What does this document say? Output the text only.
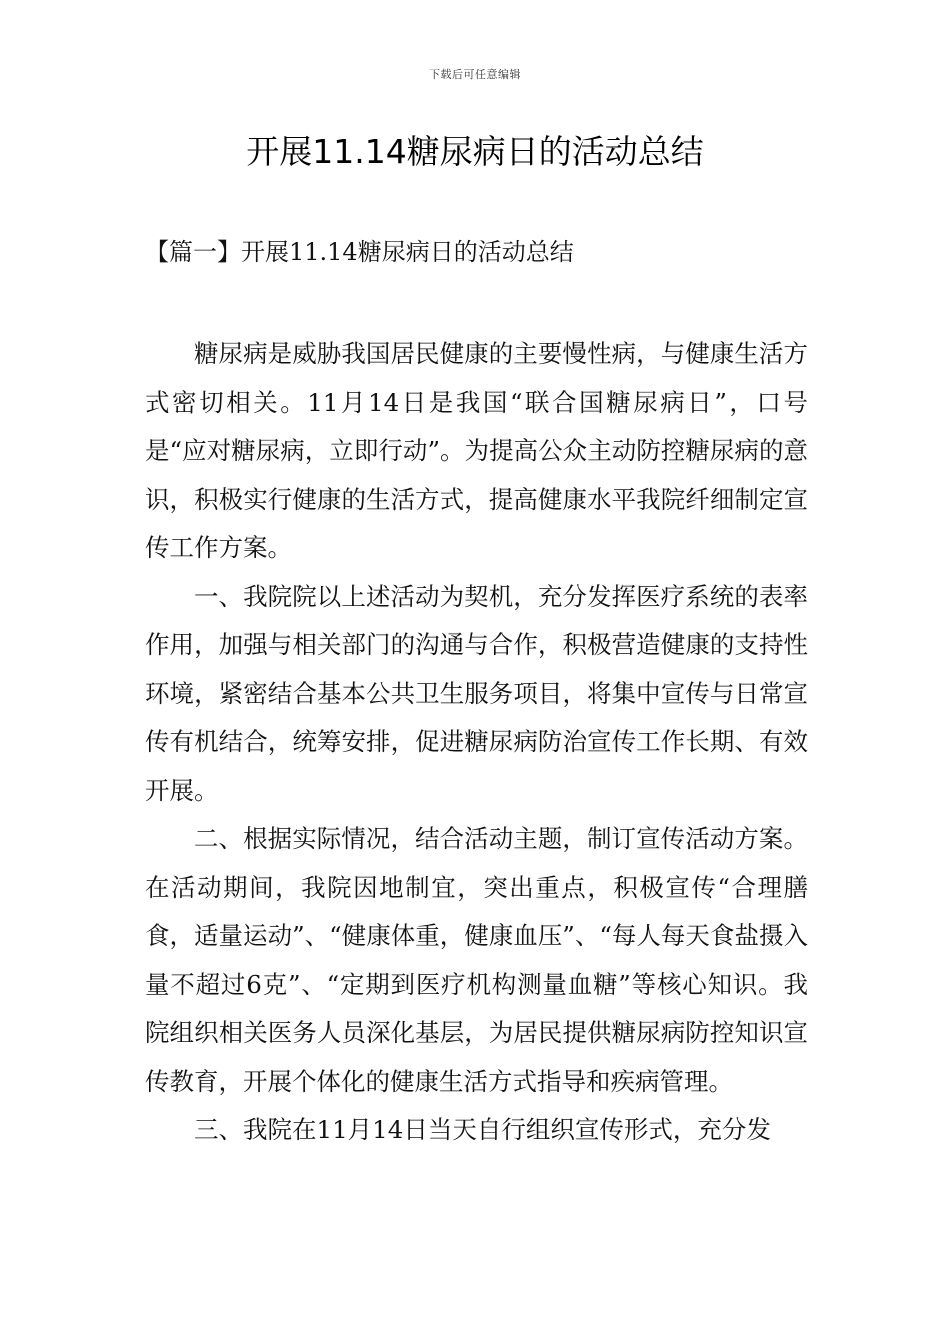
下载后可任意编辑
开展11.14糖尿病日的活动总结
【篇一】开展11.14糖尿病日的活动总结

糖尿病是威胁我国居民健康的主要慢性病，与健康生活方式密切相关。11月14日是我国“联合国糖尿病日”，口号是“应对糖尿病，立即行动”。为提高公众主动防控糖尿病的意识，积极实行健康的生活方式，提高健康水平我院纤细制定宣传工作方案。

一、我院院以上述活动为契机，充分发挥医疗系统的表率作用，加强与相关部门的沟通与合作，积极营造健康的支持性环境，紧密结合基本公共卫生服务项目，将集中宣传与日常宣传有机结合，统筹安排，促进糖尿病防治宣传工作长期、有效开展。

二、根据实际情况，结合活动主题，制订宣传活动方案。在活动期间，我院因地制宜，突出重点，积极宣传“合理膳食，适量运动”、“健康体重，健康血压”、“每人每天食盐摄入量不超过6克”、“定期到医疗机构测量血糖”等核心知识。我院组织相关医务人员深化基层，为居民提供糖尿病防控知识宣传教育，开展个体化的健康生活方式指导和疾病管理。

三、我院在11月14日当天自行组织宣传形式，充分发
